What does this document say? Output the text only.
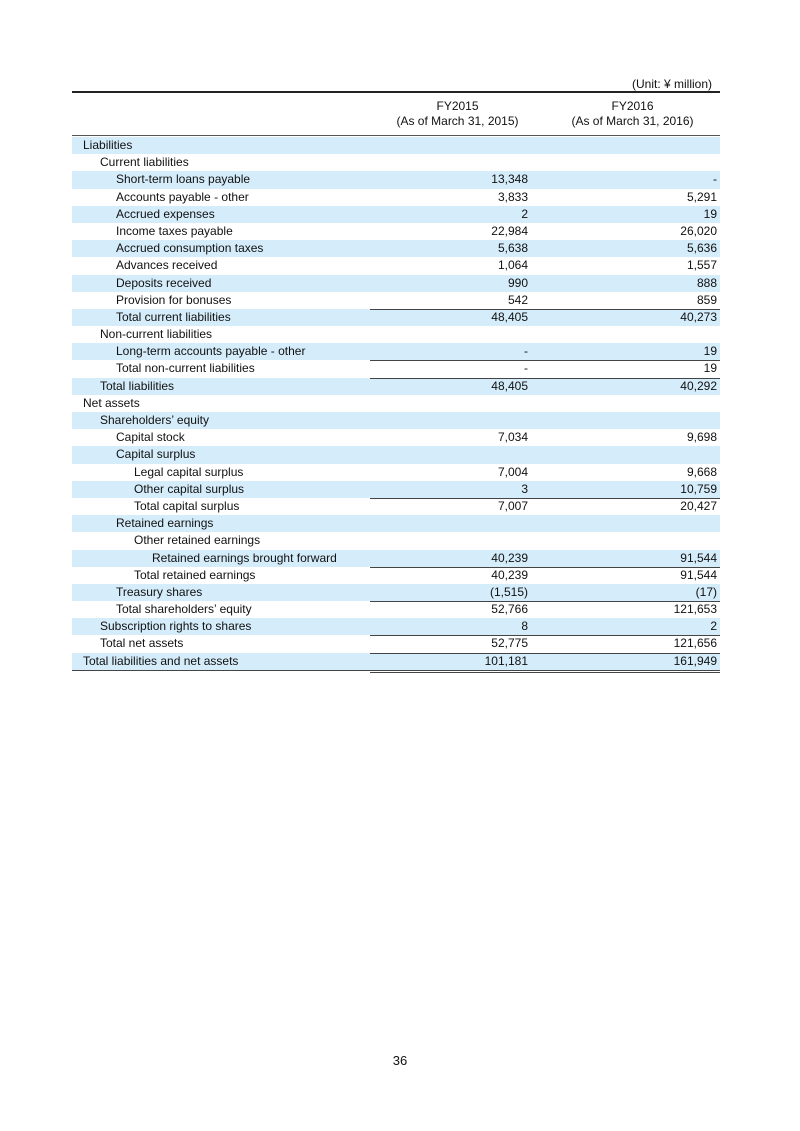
(Unit: ¥ million)
FY2015
(As of March 31, 2015)
FY2016
(As of March 31, 2016)
Liabilities
Current liabilities
Short-term loans payable	13,348	-
Accounts payable - other	3,833	5,291
Accrued expenses	2	19
Income taxes payable	22,984	26,020
Accrued consumption taxes	5,638	5,636
Advances received	1,064	1,557
Deposits received	990	888
Provision for bonuses	542	859
Total current liabilities	48,405	40,273
Non-current liabilities
Long-term accounts payable - other	-	19
Total non-current liabilities	-	19
Total liabilities	48,405	40,292
Net assets
Shareholders’ equity
Capital stock	7,034	9,698
Capital surplus
Legal capital surplus	7,004	9,668
Other capital surplus	3	10,759
Total capital surplus	7,007	20,427
Retained earnings
Other retained earnings
Retained earnings brought forward	40,239	91,544
Total retained earnings	40,239	91,544
Treasury shares	(1,515)	(17)
Total shareholders’ equity	52,766	121,653
Subscription rights to shares	8	2
Total net assets	52,775	121,656
Total liabilities and net assets	101,181	161,949
36
